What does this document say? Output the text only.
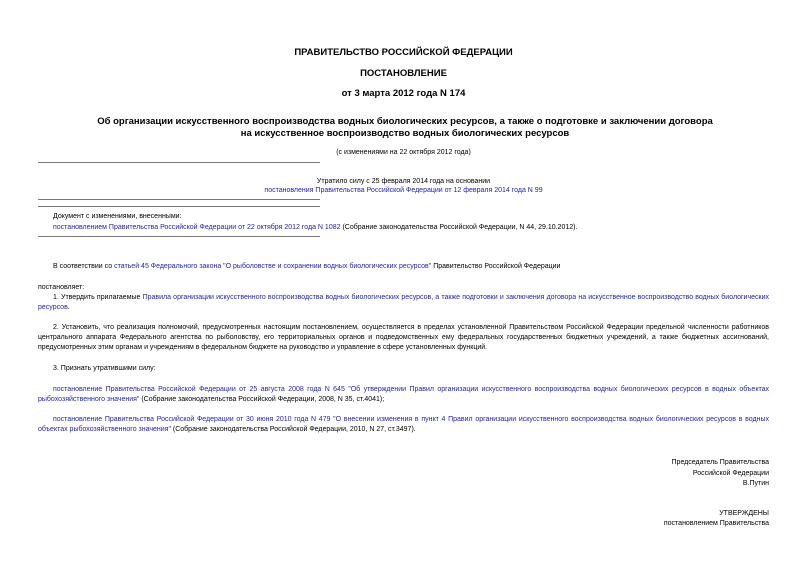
ПРАВИТЕЛЬСТВО РОССИЙСКОЙ ФЕДЕРАЦИИ
ПОСТАНОВЛЕНИЕ
от 3 марта 2012 года N 174
Об организации искусственного воспроизводства водных биологических ресурсов, а также о подготовке и заключении договора на искусственное воспроизводство водных биологических ресурсов
(с изменениями на 22 октября 2012 года)
Утратило силу с 25 февраля 2014 года на основании
постановления Правительства Российской Федерации от 12 февраля 2014 года N 99
Документ с изменениями, внесенными:
постановлением Правительства Российской Федерации от 22 октября 2012 года N 1082 (Собрание законодательства Российской Федерации, N 44, 29.10.2012).
В соответствии со статьей 45 Федерального закона "О рыболовстве и сохранении водных биологических ресурсов" Правительство Российской Федерации
постановляет:
1. Утвердить прилагаемые Правила организации искусственного воспроизводства водных биологических ресурсов, а также подготовки и заключения договора на искусственное воспроизводство водных биологических ресурсов.
2. Установить, что реализация полномочий, предусмотренных настоящим постановлением, осуществляется в пределах установленной Правительством Российской Федерации предельной численности работников центрального аппарата Федерального агентства по рыболовству, его территориальных органов и подведомственных ему федеральных государственных бюджетных учреждений, а также бюджетных ассигнований, предусмотренных этим органам и учреждениям в федеральном бюджете на руководство и управление в сфере установленных функций.
3. Признать утратившими силу:
постановление Правительства Российской Федерации от 25 августа 2008 года N 645 "Об утверждении Правил организации искусственного воспроизводства водных биологических ресурсов в водных объектах рыбохозяйственного значения" (Собрание законодательства Российской Федерации, 2008, N 35, ст.4041);
постановление Правительства Российской Федерации от 30 июня 2010 года N 479 "О внесении изменения в пункт 4 Правил организации искусственного воспроизводства водных биологических ресурсов в водных объектах рыбохозяйственного значения" (Собрание законодательства Российской Федерации, 2010, N 27, ст.3497).
Председатель Правительства
Российской Федерации
В.Путин
УТВЕРЖДЕНЫ
постановлением Правительства
